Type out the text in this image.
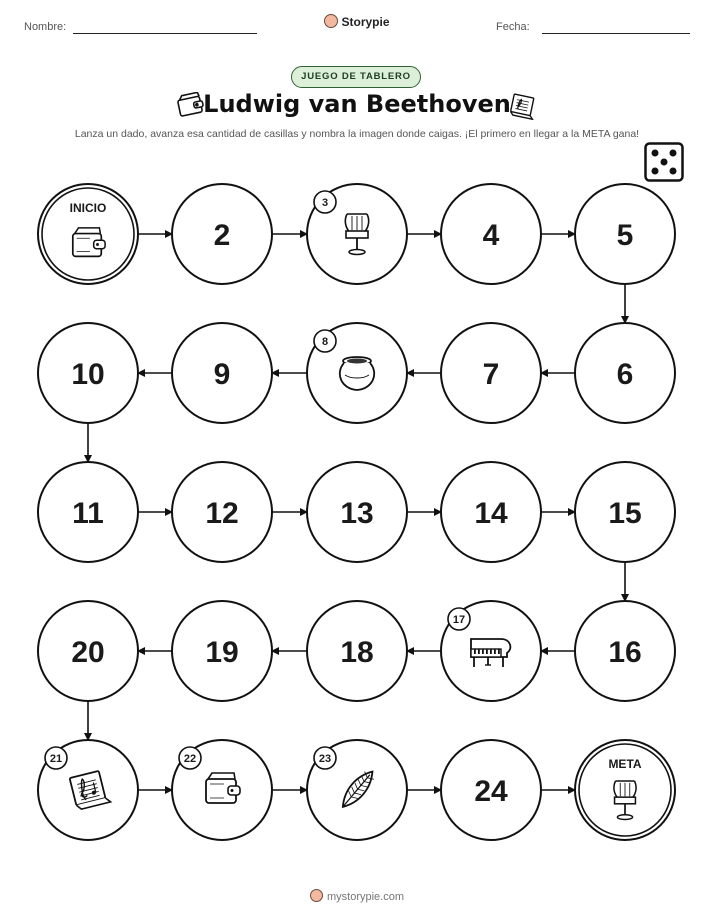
Nombre:	Storypie	Fecha:
JUEGO DE TABLERO
Ludwig van Beethoven
Lanza un dado, avanza esa cantidad de casillas y nombra la imagen donde caigas. ¡El primero en llegar a la META gana!
INICIO
2
3
4	5
6
7
8
9
10
11	12	13	14	15
16
17
18
19
20
21	22	23
24
META
mystorypie.com
